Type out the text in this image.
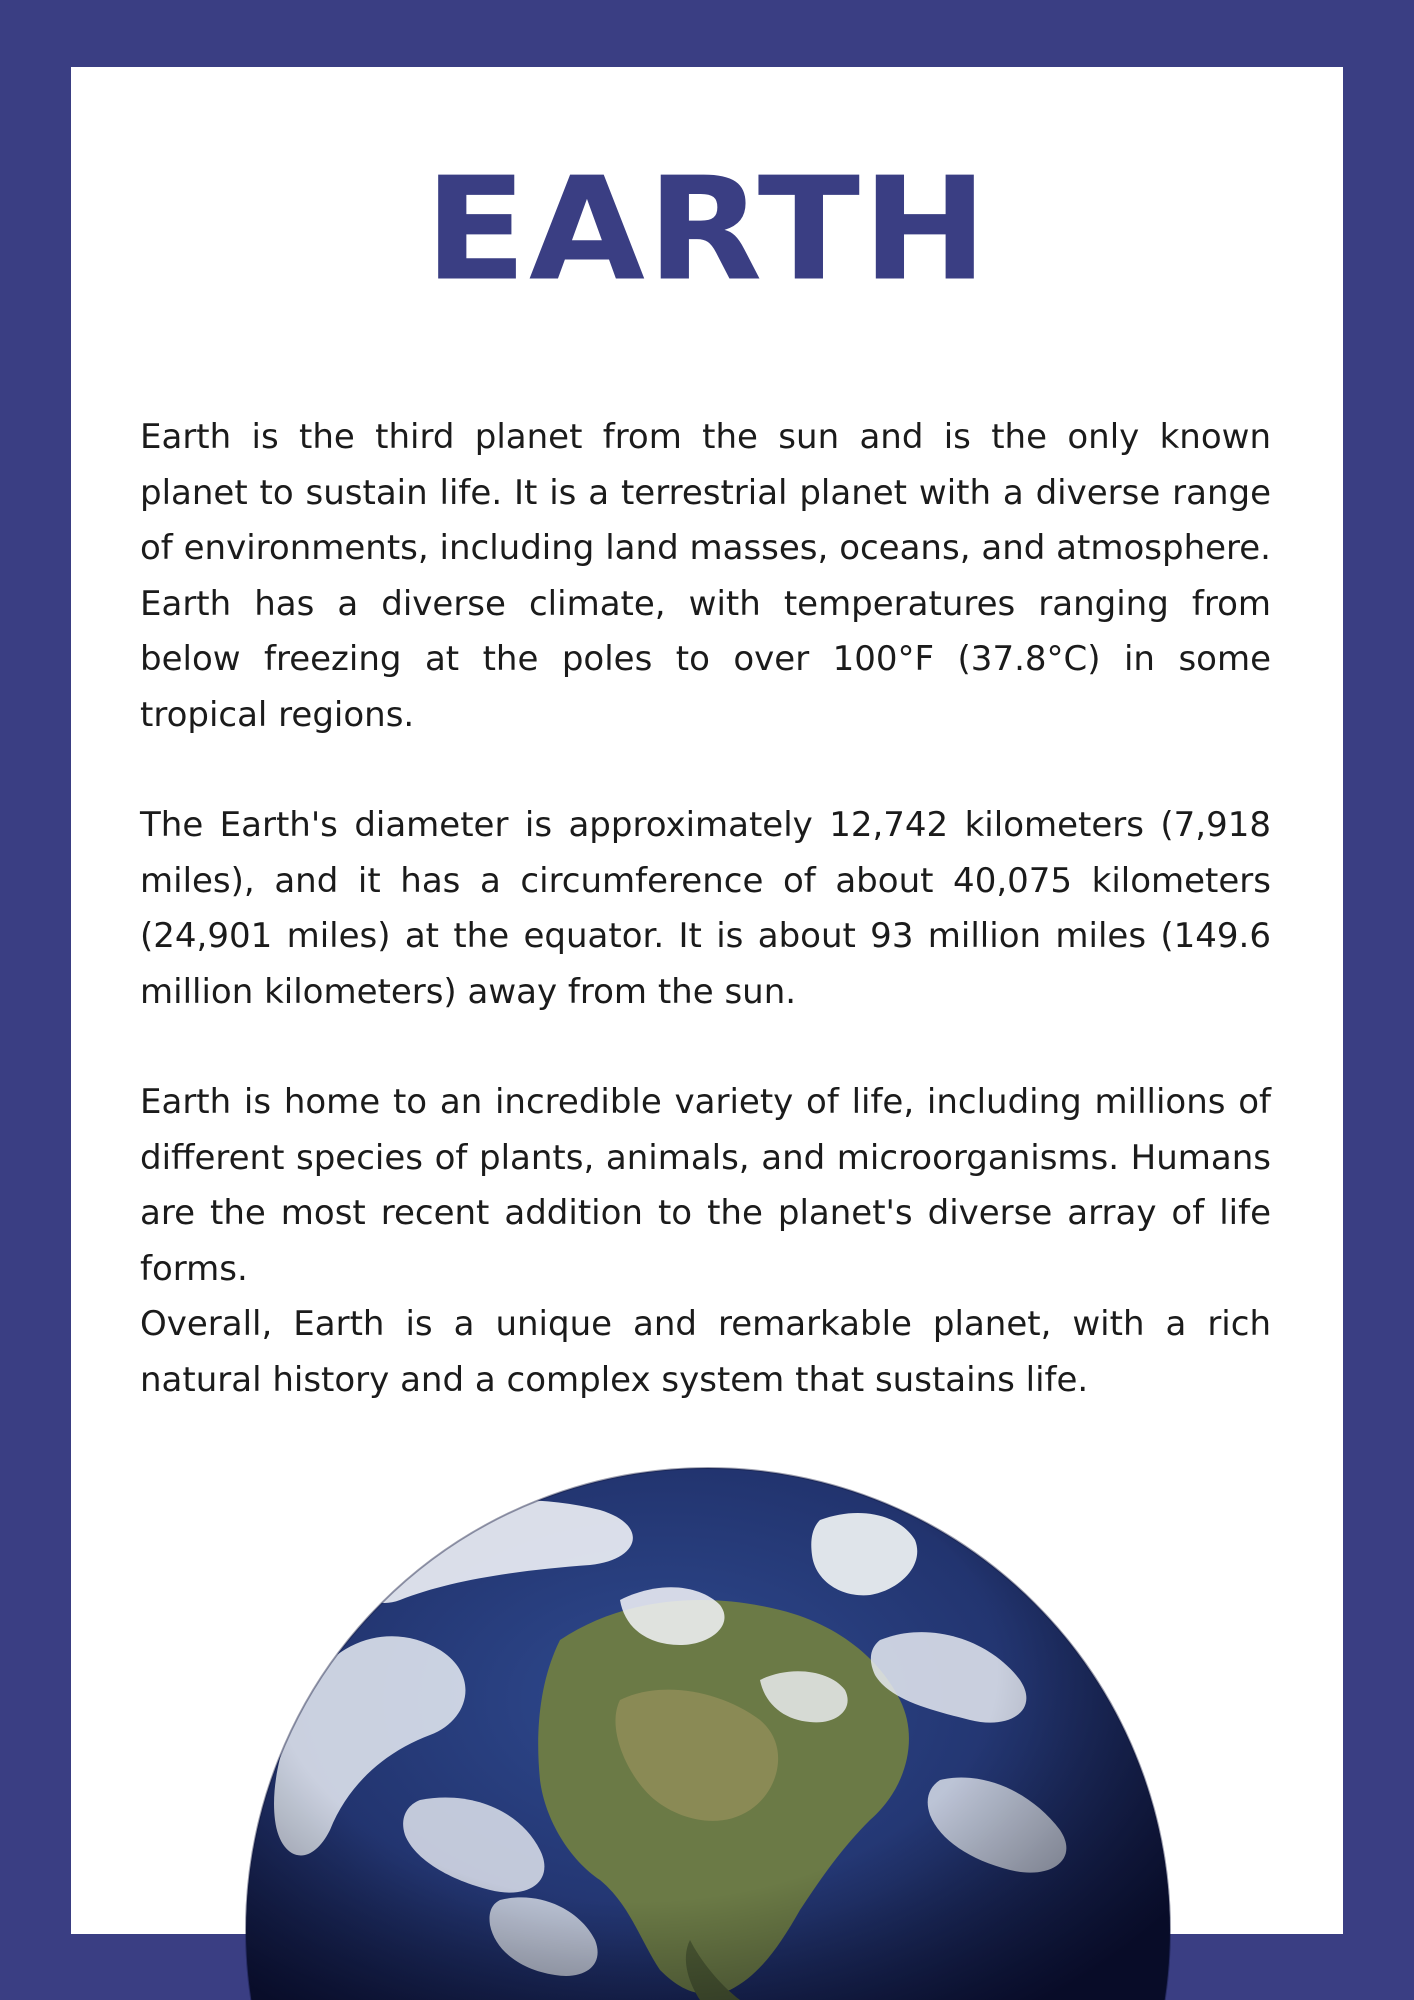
EARTH

Earth is the third planet from the sun and is the only known planet to sustain life. It is a terrestrial planet with a diverse range of environments, including land masses, oceans, and atmosphere. Earth has a diverse climate, with temperatures ranging from below freezing at the poles to over 100°F (37.8°C) in some tropical regions.

The Earth's diameter is approximately 12,742 kilometers (7,918 miles), and it has a circumference of about 40,075 kilometers (24,901 miles) at the equator. It is about 93 million miles (149.6 million kilometers) away from the sun.

Earth is home to an incredible variety of life, including millions of different species of plants, animals, and microorganisms. Humans are the most recent addition to the planet's diverse array of life forms.

Overall, Earth is a unique and remarkable planet, with a rich natural history and a complex system that sustains life.
